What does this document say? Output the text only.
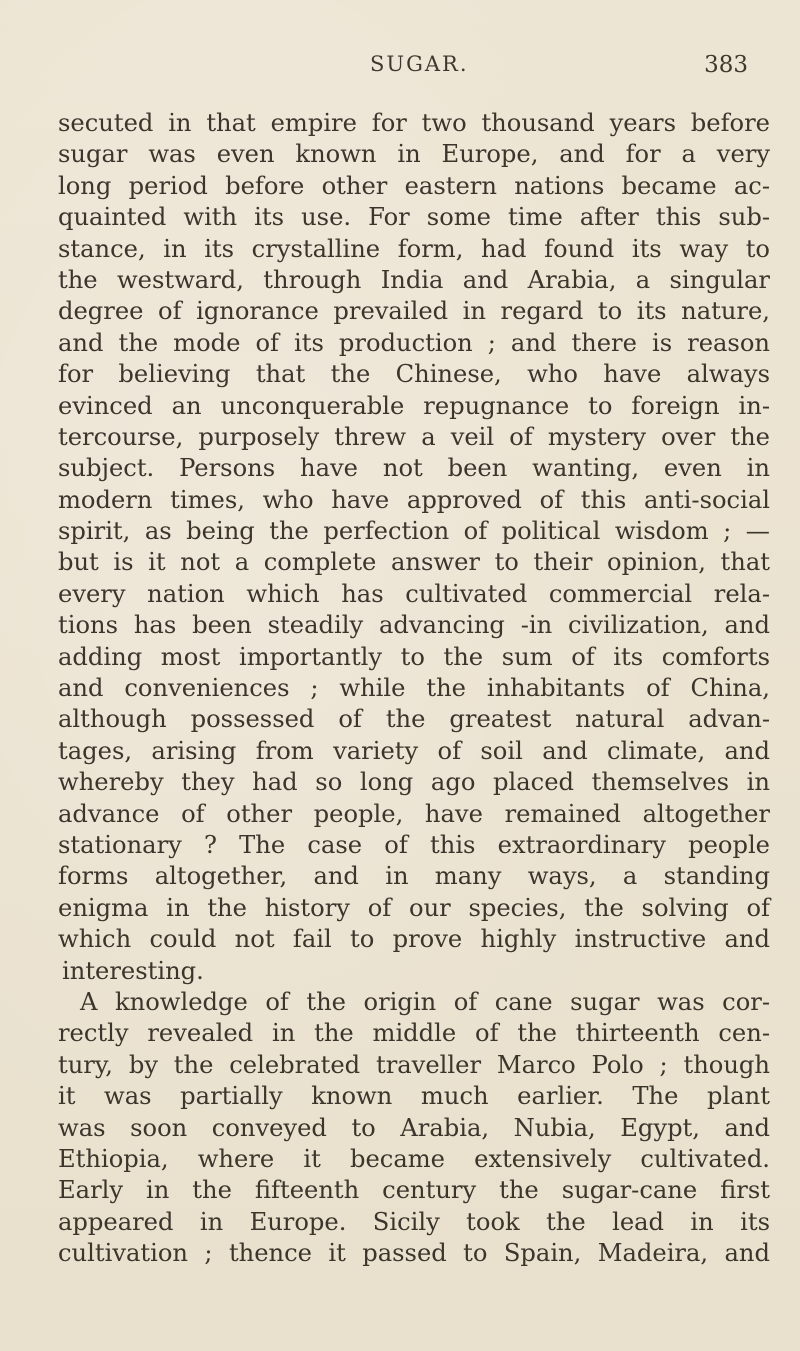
SUGAR.	383
secuted in that empire for two thousand years before
sugar was even known in Europe, and for a very
long period before other eastern nations became ac-
quainted with its use. For some time after this sub-
stance, in its crystalline form, had found its way to
the westward, through India and Arabia, a singular
degree of ignorance prevailed in regard to its nature,
and the mode of its production ; and there is reason
for believing that the Chinese, who have always
evinced an unconquerable repugnance to foreign in-
tercourse, purposely threw a veil of mystery over the
subject. Persons have not been wanting, even in
modern times, who have approved of this anti-social
spirit, as being the perfection of political wisdom ; —
but is it not a complete answer to their opinion, that
every nation which has cultivated commercial rela-
tions has been steadily advancing -in civilization, and
adding most importantly to the sum of its comforts
and conveniences ; while the inhabitants of China,
although possessed of the greatest natural advan-
tages, arising from variety of soil and climate, and
whereby they had so long ago placed themselves in
advance of other people, have remained altogether
stationary ? The case of this extraordinary people
forms altogether, and in many ways, a standing
enigma in the history of our species, the solving of
which could not fail to prove highly instructive and
interesting.
A knowledge of the origin of cane sugar was cor-
rectly revealed in the middle of the thirteenth cen-
tury, by the celebrated traveller Marco Polo ; though
it was partially known much earlier. The plant
was soon conveyed to Arabia, Nubia, Egypt, and
Ethiopia, where it became extensively cultivated.
Early in the fifteenth century the sugar-cane first
appeared in Europe. Sicily took the lead in its
cultivation ; thence it passed to Spain, Madeira, and
